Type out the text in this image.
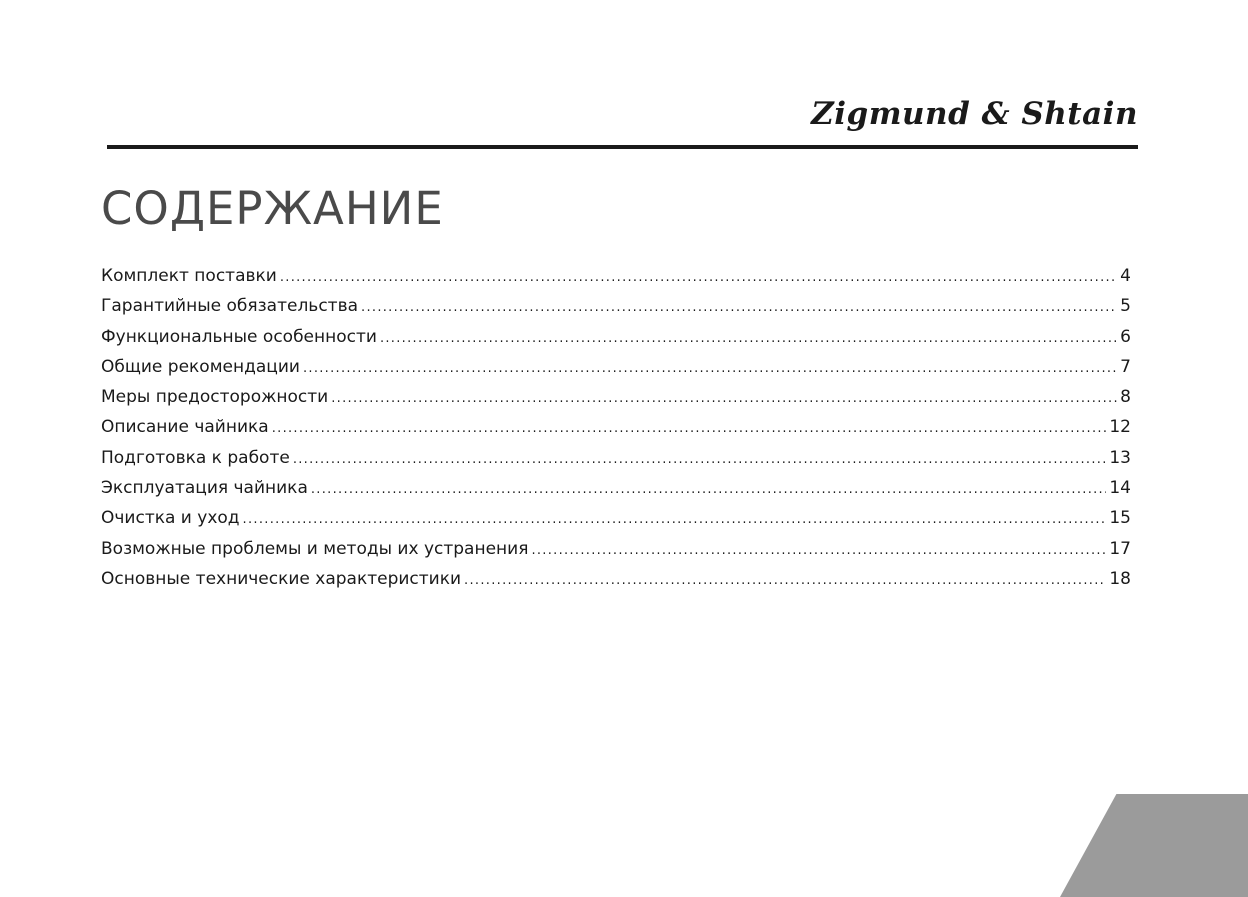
Zigmund & Shtain
СОДЕРЖАНИЕ
Комплект поставки .....	4
Гарантийные обязательства .....	5
Функциональные особенности .....	6
Общие рекомендации .....	7
Меры предосторожности .....	8
Описание чайника .....	12
Подготовка к работе .....	13
Эксплуатация чайника .....	14
Очистка и уход .....	15
Возможные проблемы и методы их устранения .....	17
Основные технические характеристики .....	18
